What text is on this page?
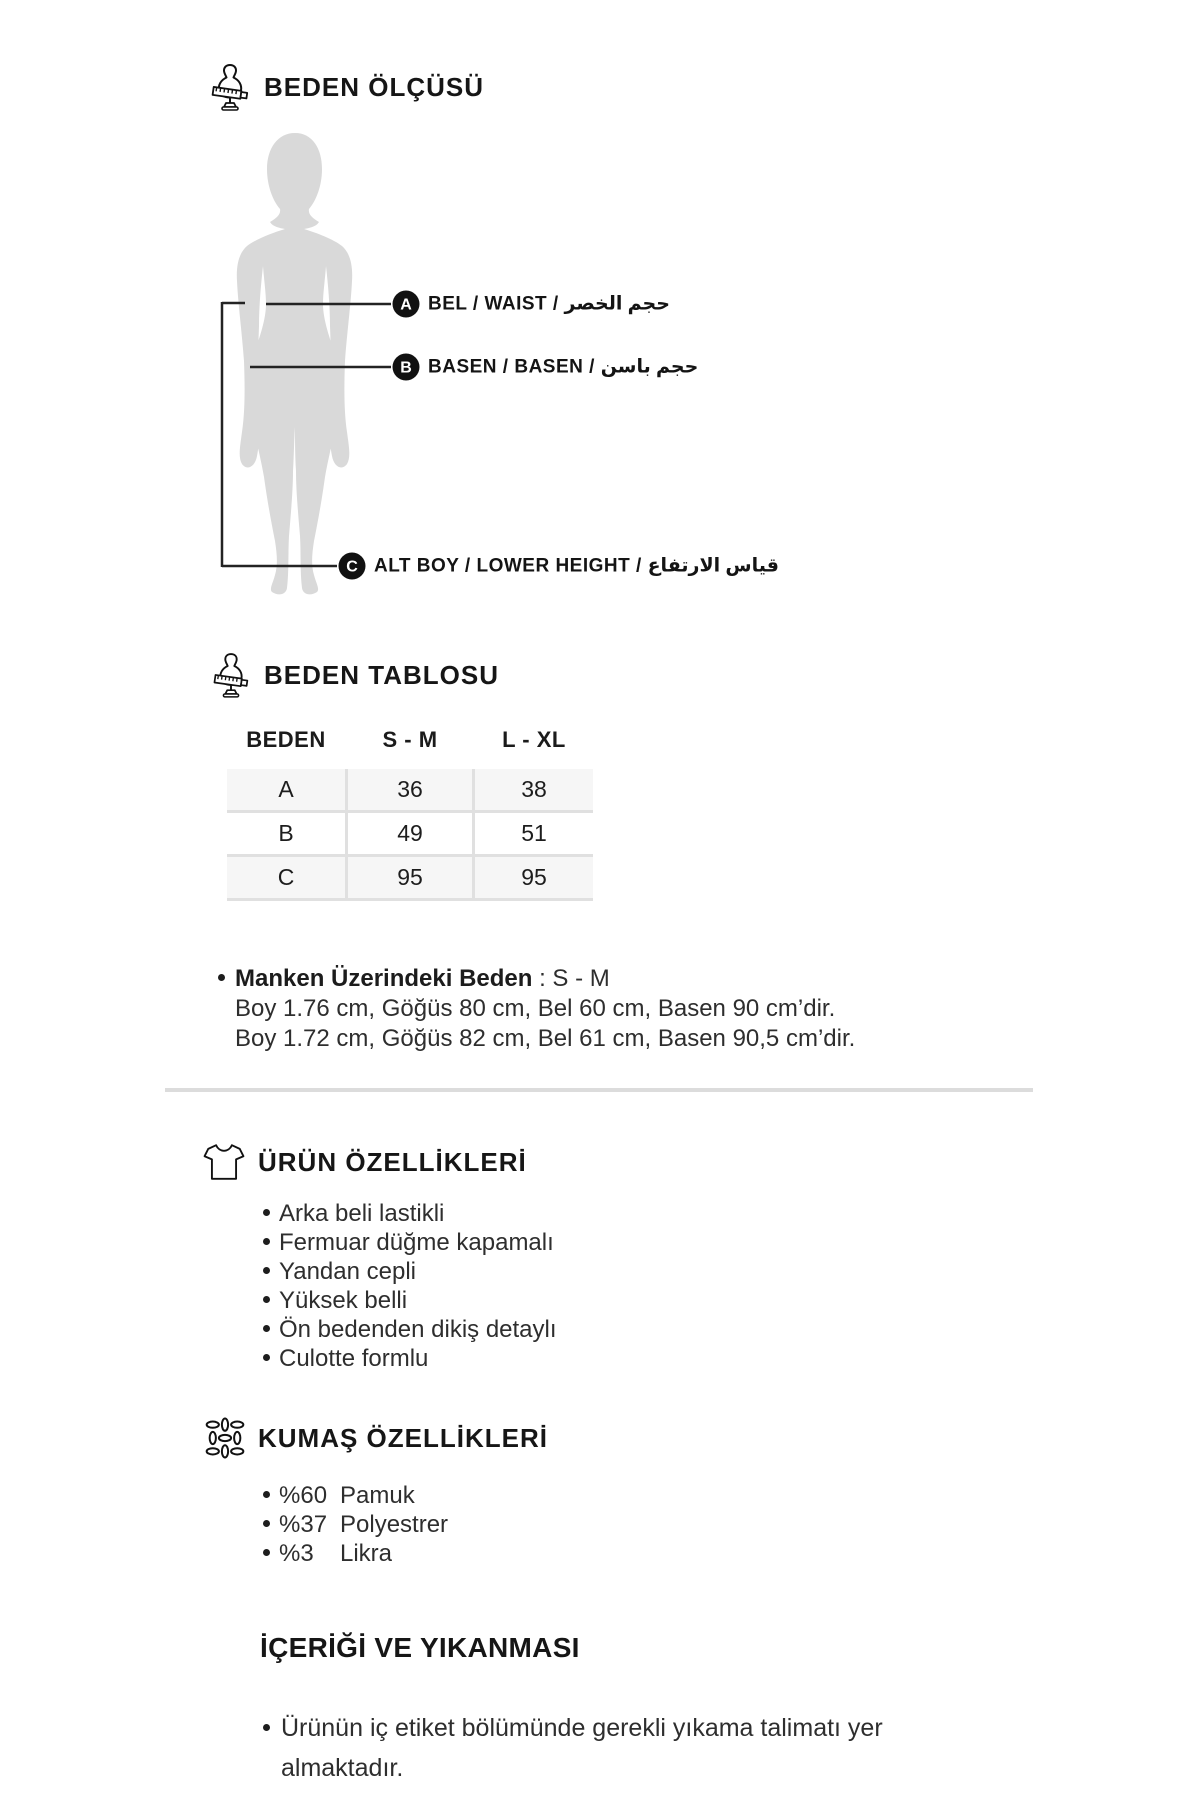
BEDEN ÖLÇÜSÜ
A
B
C
BEL / WAIST / حجم الخصر
BASEN / BASEN / حجم باسن
ALT BOY / LOWER HEIGHT / قياس الارتفاع
BEDEN TABLOSU
BEDEN	S - M	L - XL
A	36	38
B	49	51
C	95	95
Manken Üzerindeki Beden : S - M
Boy 1.76 cm, Göğüs 80 cm, Bel 60 cm, Basen 90 cm’dir.
Boy 1.72 cm, Göğüs 82 cm, Bel 61 cm, Basen 90,5 cm’dir.
ÜRÜN ÖZELLİKLERİ
Arka beli lastikli
Fermuar düğme kapamalı
Yandan cepli
Yüksek belli
Ön bedenden dikiş detaylı
Culotte formlu
KUMAŞ ÖZELLİKLERİ
%60 Pamuk
%37 Polyestrer
%3	Likra
İÇERİĞİ VE YIKANMASI
Ürünün iç etiket bölümünde gerekli yıkama talimatı yer almaktadır.
